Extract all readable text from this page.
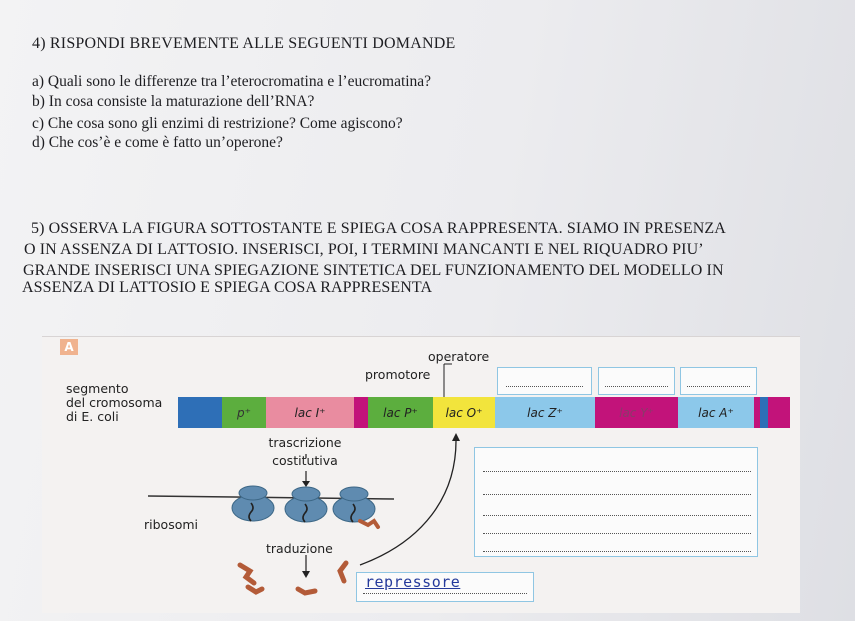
4) RISPONDI BREVEMENTE ALLE SEGUENTI DOMANDE
a) Quali sono le differenze tra l’eterocromatina e l’eucromatina?
b) In cosa consiste la maturazione dell’RNA?
c) Che cosa sono gli enzimi di restrizione? Come agiscono?
d) Che cos’è e come è fatto un’operone?
5) OSSERVA LA FIGURA SOTTOSTANTE E SPIEGA COSA RAPPRESENTA. SIAMO IN PRESENZA
O IN ASSENZA DI LATTOSIO. INSERISCI, POI, I TERMINI MANCANTI E NEL RIQUADRO PIU’
GRANDE INSERISCI UNA SPIEGAZIONE SINTETICA DEL FUNZIONAMENTO DEL MODELLO IN
ASSENZA DI LATTOSIO E SPIEGA COSA RAPPRESENTA
A
operatore
promotore
segmento
del cromosoma
di E. coli	p⁺	lac I⁺	lac P⁺	lac O⁺	lac Z⁺	lac Y⁺	lac A⁺
trascrizione
costitutiva
ribosomi
traduzione
repressore
